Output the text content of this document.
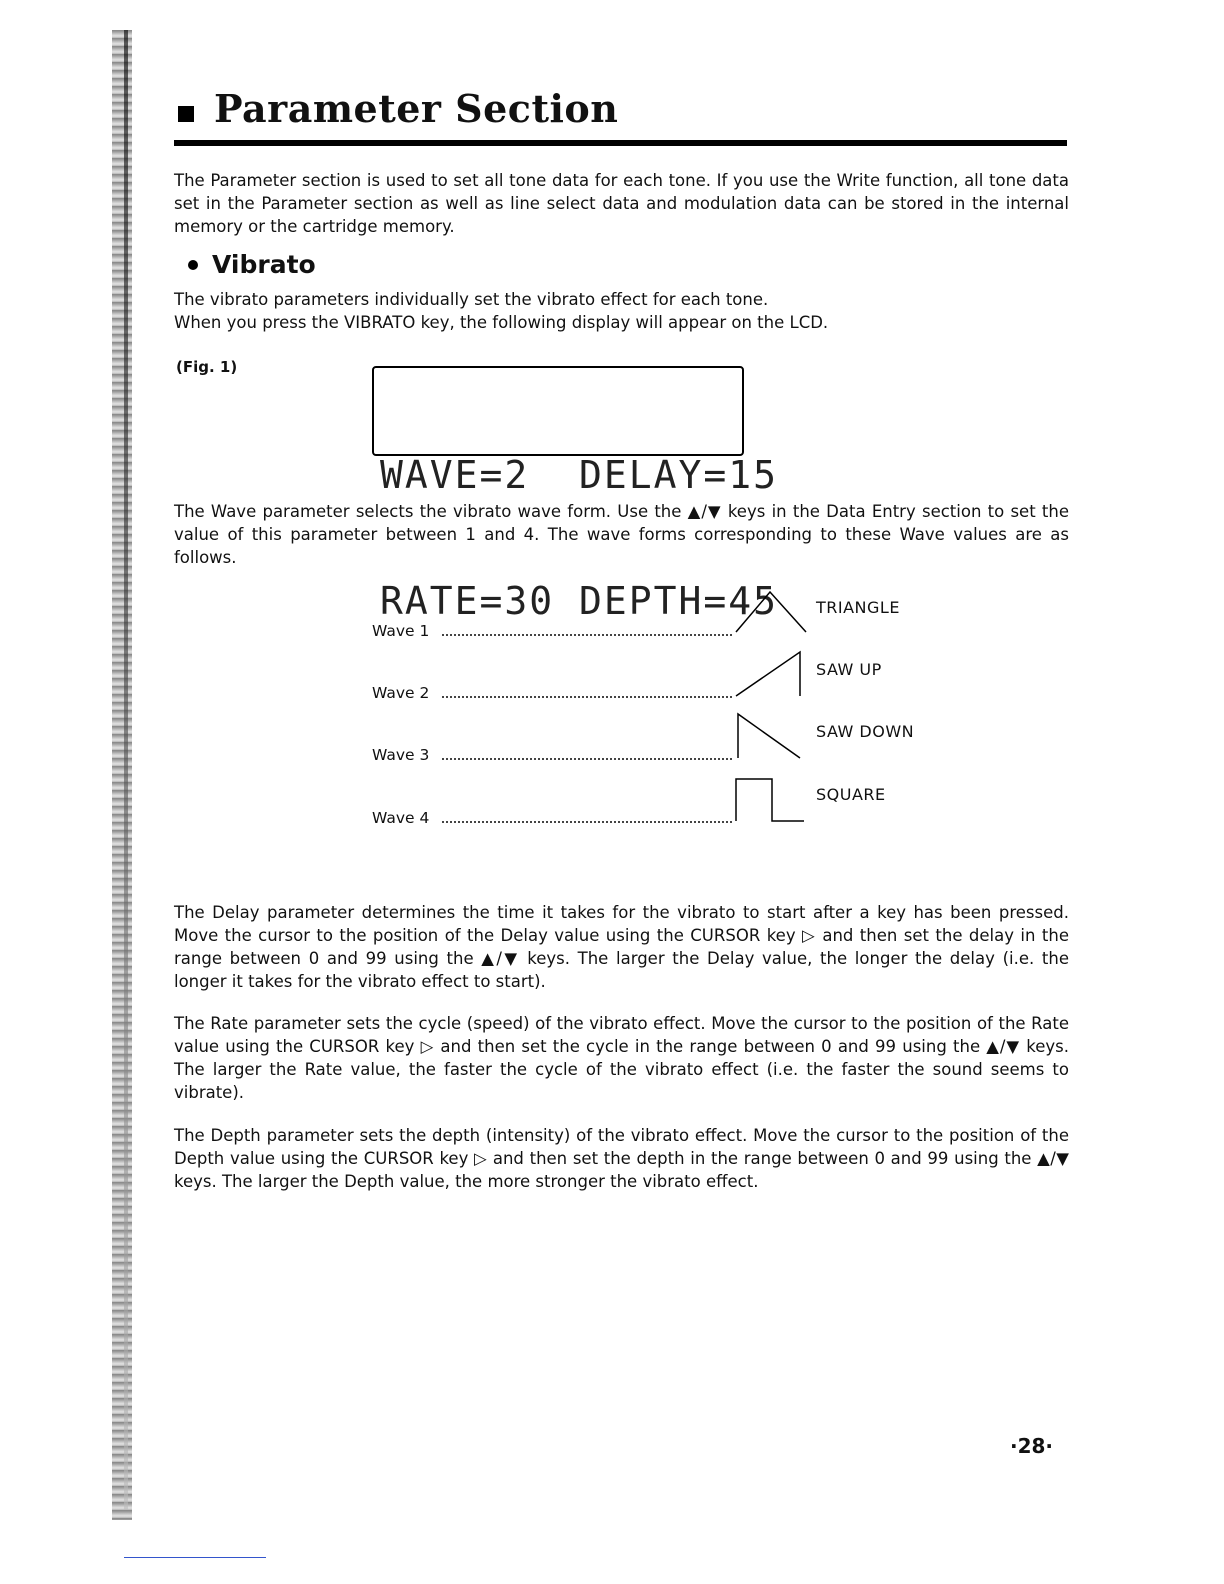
Parameter Section
The Parameter section is used to set all tone data for each tone. If you use the Write function, all tone data set in the Parameter section as well as line select data and modulation data can be stored in the internal memory or the cartridge memory.
Vibrato
The vibrato parameters individually set the vibrato effect for each tone.
When you press the VIBRATO key, the following display will appear on the LCD.
(Fig. 1)

WAVE=2  DELAY=15

RATE=30 DEPTH=45

The Wave parameter selects the vibrato wave form. Use the ▲/▼ keys in the Data Entry section to set the value of this parameter between 1 and 4. The wave forms corresponding to these Wave values are as follows.
Wave 1
TRIANGLE
Wave 2
SAW UP
Wave 3
SAW DOWN
Wave 4
SQUARE
The Delay parameter determines the time it takes for the vibrato to start after a key has been pressed. Move the cursor to the position of the Delay value using the CURSOR key ▷ and then set the delay in the range between 0 and 99 using the ▲/▼ keys. The larger the Delay value, the longer the delay (i.e. the longer it takes for the vibrato effect to start).
The Rate parameter sets the cycle (speed) of the vibrato effect. Move the cursor to the position of the Rate value using the CURSOR key ▷ and then set the cycle in the range between 0 and 99 using the ▲/▼ keys. The larger the Rate value, the faster the cycle of the vibrato effect (i.e. the faster the sound seems to vibrate).
The Depth parameter sets the depth (intensity) of the vibrato effect. Move the cursor to the position of the Depth value using the CURSOR key ▷ and then set the depth in the range between 0 and 99 using the ▲/▼ keys. The larger the Depth value, the more stronger the vibrato effect.
·28·
